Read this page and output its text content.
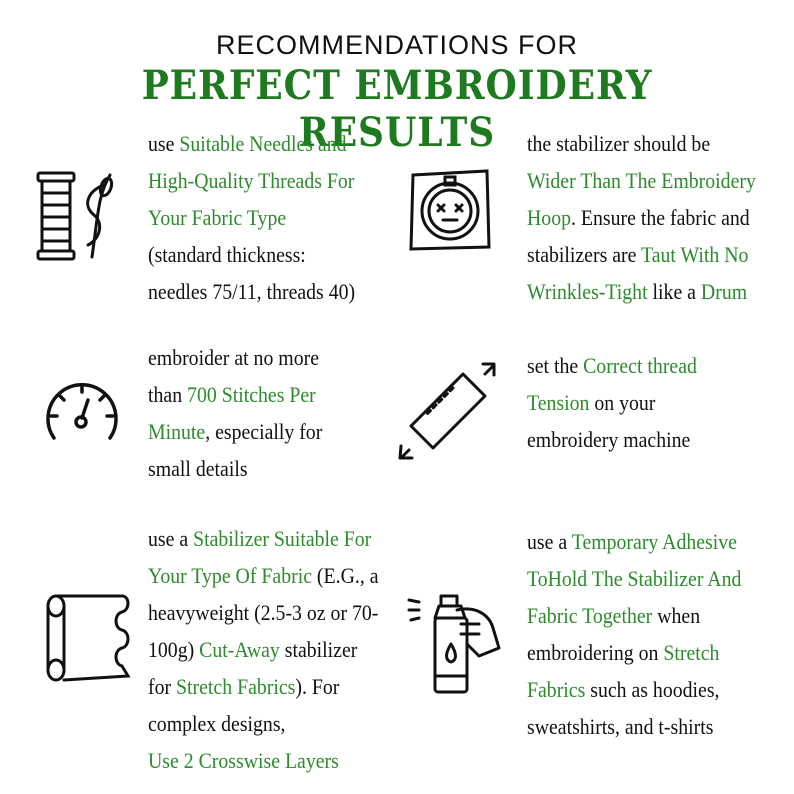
RECOMMENDATIONS FOR
PERFECT EMBROIDERY RESULTS
use Suitable Needles and
High-Quality Threads For
Your Fabric Type
(standard thickness:
needles 75/11, threads 40)
the stabilizer should be
Wider Than The Embroidery
Hoop. Ensure the fabric and
stabilizers are Taut With No
Wrinkles-Tight like a Drum
embroider at no more
than 700 Stitches Per
Minute, especially for
small details
set the Correct thread
Tension on your
embroidery machine
use a Stabilizer Suitable For
Your Type Of Fabric (E.G., a
heavyweight (2.5-3 oz or 70-
100g) Cut-Away stabilizer
for Stretch Fabrics). For
complex designs,
Use 2 Crosswise Layers
use a Temporary Adhesive
ToHold The Stabilizer And
Fabric Together when
embroidering on Stretch
Fabrics such as hoodies,
sweatshirts, and t-shirts
